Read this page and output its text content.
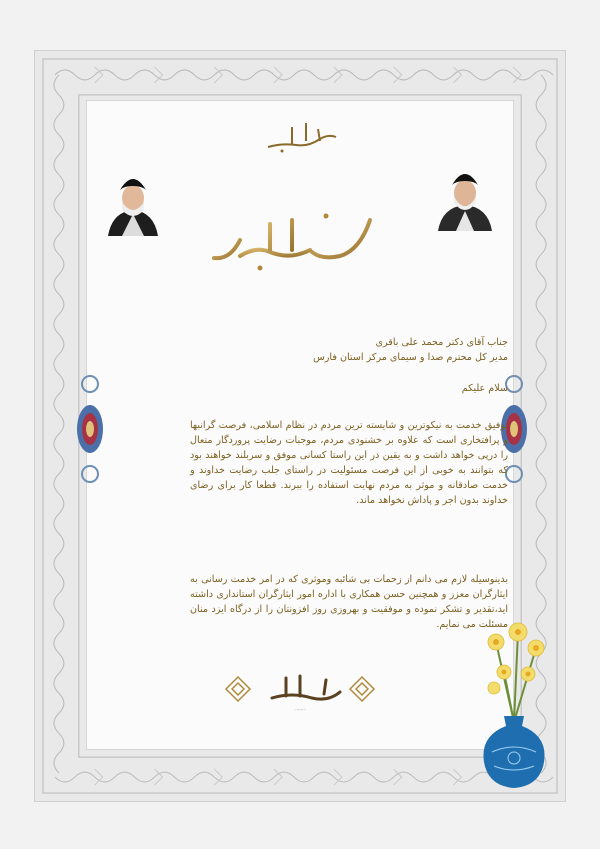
جناب آقای دکتر محمد علی باقری
مدیر کل محترم صدا و سیمای مرکز استان فارس
سلام علیکم
توفیق خدمت به نیکوترین و شایسته ترین مردم در نظام اسلامی، فرصت گرانبها و پرافتخاری است که علاوه بر خشنودی مردم، موجبات رضایت پروردگار متعال را درپی خواهد داشت و به یقین در این راستا کسانی موفق و سربلند خواهند بود که بتوانند به خوبی از این فرصت مسئولیت در راستای جلب رضایت خداوند و خدمت صادقانه و موثر به مردم نهایت استفاده را ببرند. قطعا کار برای رضای خداوند بدون اجر و پاداش نخواهد ماند.
بدینوسیله لازم می دانم از زحمات بی شائبه وموثری که در امر خدمت رسانی به ایثارگران معزز و همچنین حسن همکاری با اداره امور ایثارگران استانداری داشته اید،تقدیر و تشکر نموده و موفقیت و بهروزی روز افزونتان را از درگاه ایزد منان مسئلت می نمایم.
هیئت فرهنگی شهدای خرمن
